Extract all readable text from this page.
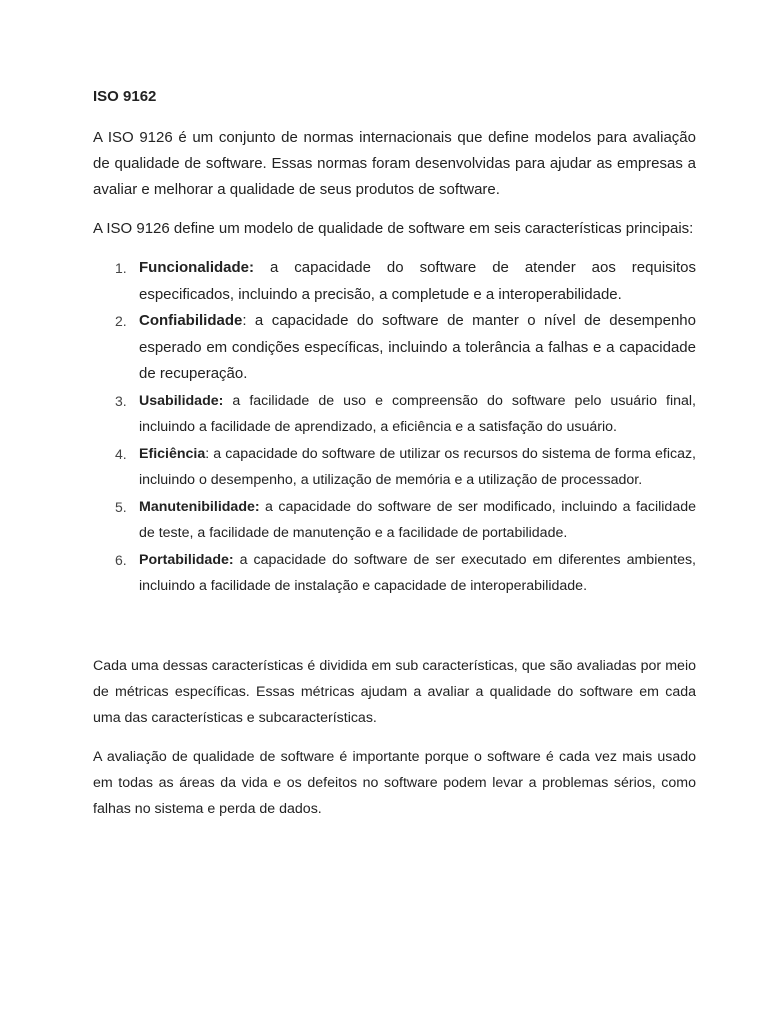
ISO 9162

A ISO 9126 é um conjunto de normas internacionais que define modelos para avaliação de qualidade de software. Essas normas foram desenvolvidas para ajudar as empresas a avaliar e melhorar a qualidade de seus produtos de software.

A ISO 9126 define um modelo de qualidade de software em seis características principais:

1. Funcionalidade: a capacidade do software de atender aos requisitos especificados, incluindo a precisão, a completude e a interoperabilidade.
2. Confiabilidade: a capacidade do software de manter o nível de desempenho esperado em condições específicas, incluindo a tolerância a falhas e a capacidade de recuperação.
3. Usabilidade: a facilidade de uso e compreensão do software pelo usuário final, incluindo a facilidade de aprendizado, a eficiência e a satisfação do usuário.
4. Eficiência: a capacidade do software de utilizar os recursos do sistema de forma eficaz, incluindo o desempenho, a utilização de memória e a utilização de processador.
5. Manutenibilidade: a capacidade do software de ser modificado, incluindo a facilidade de teste, a facilidade de manutenção e a facilidade de portabilidade.
6. Portabilidade: a capacidade do software de ser executado em diferentes ambientes, incluindo a facilidade de instalação e capacidade de interoperabilidade.

Cada uma dessas características é dividida em sub características, que são avaliadas por meio de métricas específicas. Essas métricas ajudam a avaliar a qualidade do software em cada uma das características e subcaracterísticas.

A avaliação de qualidade de software é importante porque o software é cada vez mais usado em todas as áreas da vida e os defeitos no software podem levar a problemas sérios, como falhas no sistema e perda de dados.
